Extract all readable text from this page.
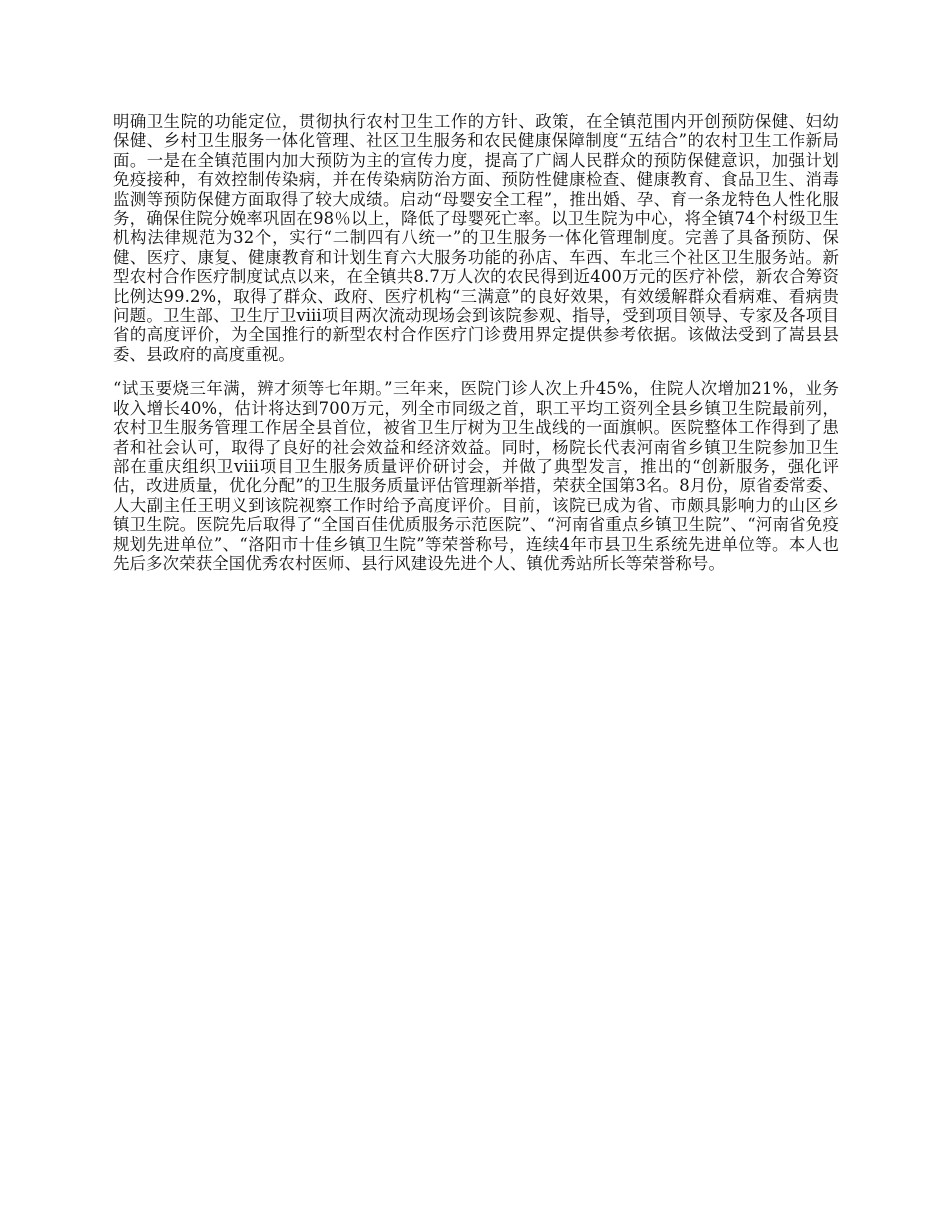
明确卫生院的功能定位，贯彻执行农村卫生工作的方针、政策，在全镇范围内开创预防保健、妇幼保健、乡村卫生服务一体化管理、社区卫生服务和农民健康保障制度“五结合”的农村卫生工作新局面。一是在全镇范围内加大预防为主的宣传力度，提高了广阔人民群众的预防保健意识，加强计划免疫接种，有效控制传染病，并在传染病防治方面、预防性健康检查、健康教育、食品卫生、消毒监测等预防保健方面取得了较大成绩。启动“母婴安全工程”，推出婚、孕、育一条龙特色人性化服务，确保住院分娩率巩固在98％以上，降低了母婴死亡率。以卫生院为中心，将全镇74个村级卫生机构法律规范为32个，实行“二制四有八统一”的卫生服务一体化管理制度。完善了具备预防、保健、医疗、康复、健康教育和计划生育六大服务功能的孙店、车西、车北三个社区卫生服务站。新型农村合作医疗制度试点以来，在全镇共8.7万人次的农民得到近400万元的医疗补偿，新农合筹资比例达99.2%，取得了群众、政府、医疗机构“三满意”的良好效果，有效缓解群众看病难、看病贵问题。卫生部、卫生厅卫ⅷ项目两次流动现场会到该院参观、指导，受到项目领导、专家及各项目省的高度评价，为全国推行的新型农村合作医疗门诊费用界定提供参考依据。该做法受到了嵩县县委、县政府的高度重视。

“试玉要烧三年满，辨才须等七年期。”三年来，医院门诊人次上升45%，住院人次增加21%，业务收入增长40%，估计将达到700万元，列全市同级之首，职工平均工资列全县乡镇卫生院最前列，农村卫生服务管理工作居全县首位，被省卫生厅树为卫生战线的一面旗帜。医院整体工作得到了患者和社会认可，取得了良好的社会效益和经济效益。同时，杨院长代表河南省乡镇卫生院参加卫生部在重庆组织卫ⅷ项目卫生服务质量评价研讨会，并做了典型发言，推出的“创新服务，强化评估，改进质量，优化分配”的卫生服务质量评估管理新举措，荣获全国第3名。8月份，原省委常委、人大副主任王明义到该院视察工作时给予高度评价。目前，该院已成为省、市颇具影响力的山区乡镇卫生院。医院先后取得了“全国百佳优质服务示范医院”、“河南省重点乡镇卫生院”、“河南省免疫规划先进单位”、“洛阳市十佳乡镇卫生院”等荣誉称号，连续4年市县卫生系统先进单位等。本人也先后多次荣获全国优秀农村医师、县行风建设先进个人、镇优秀站所长等荣誉称号。
